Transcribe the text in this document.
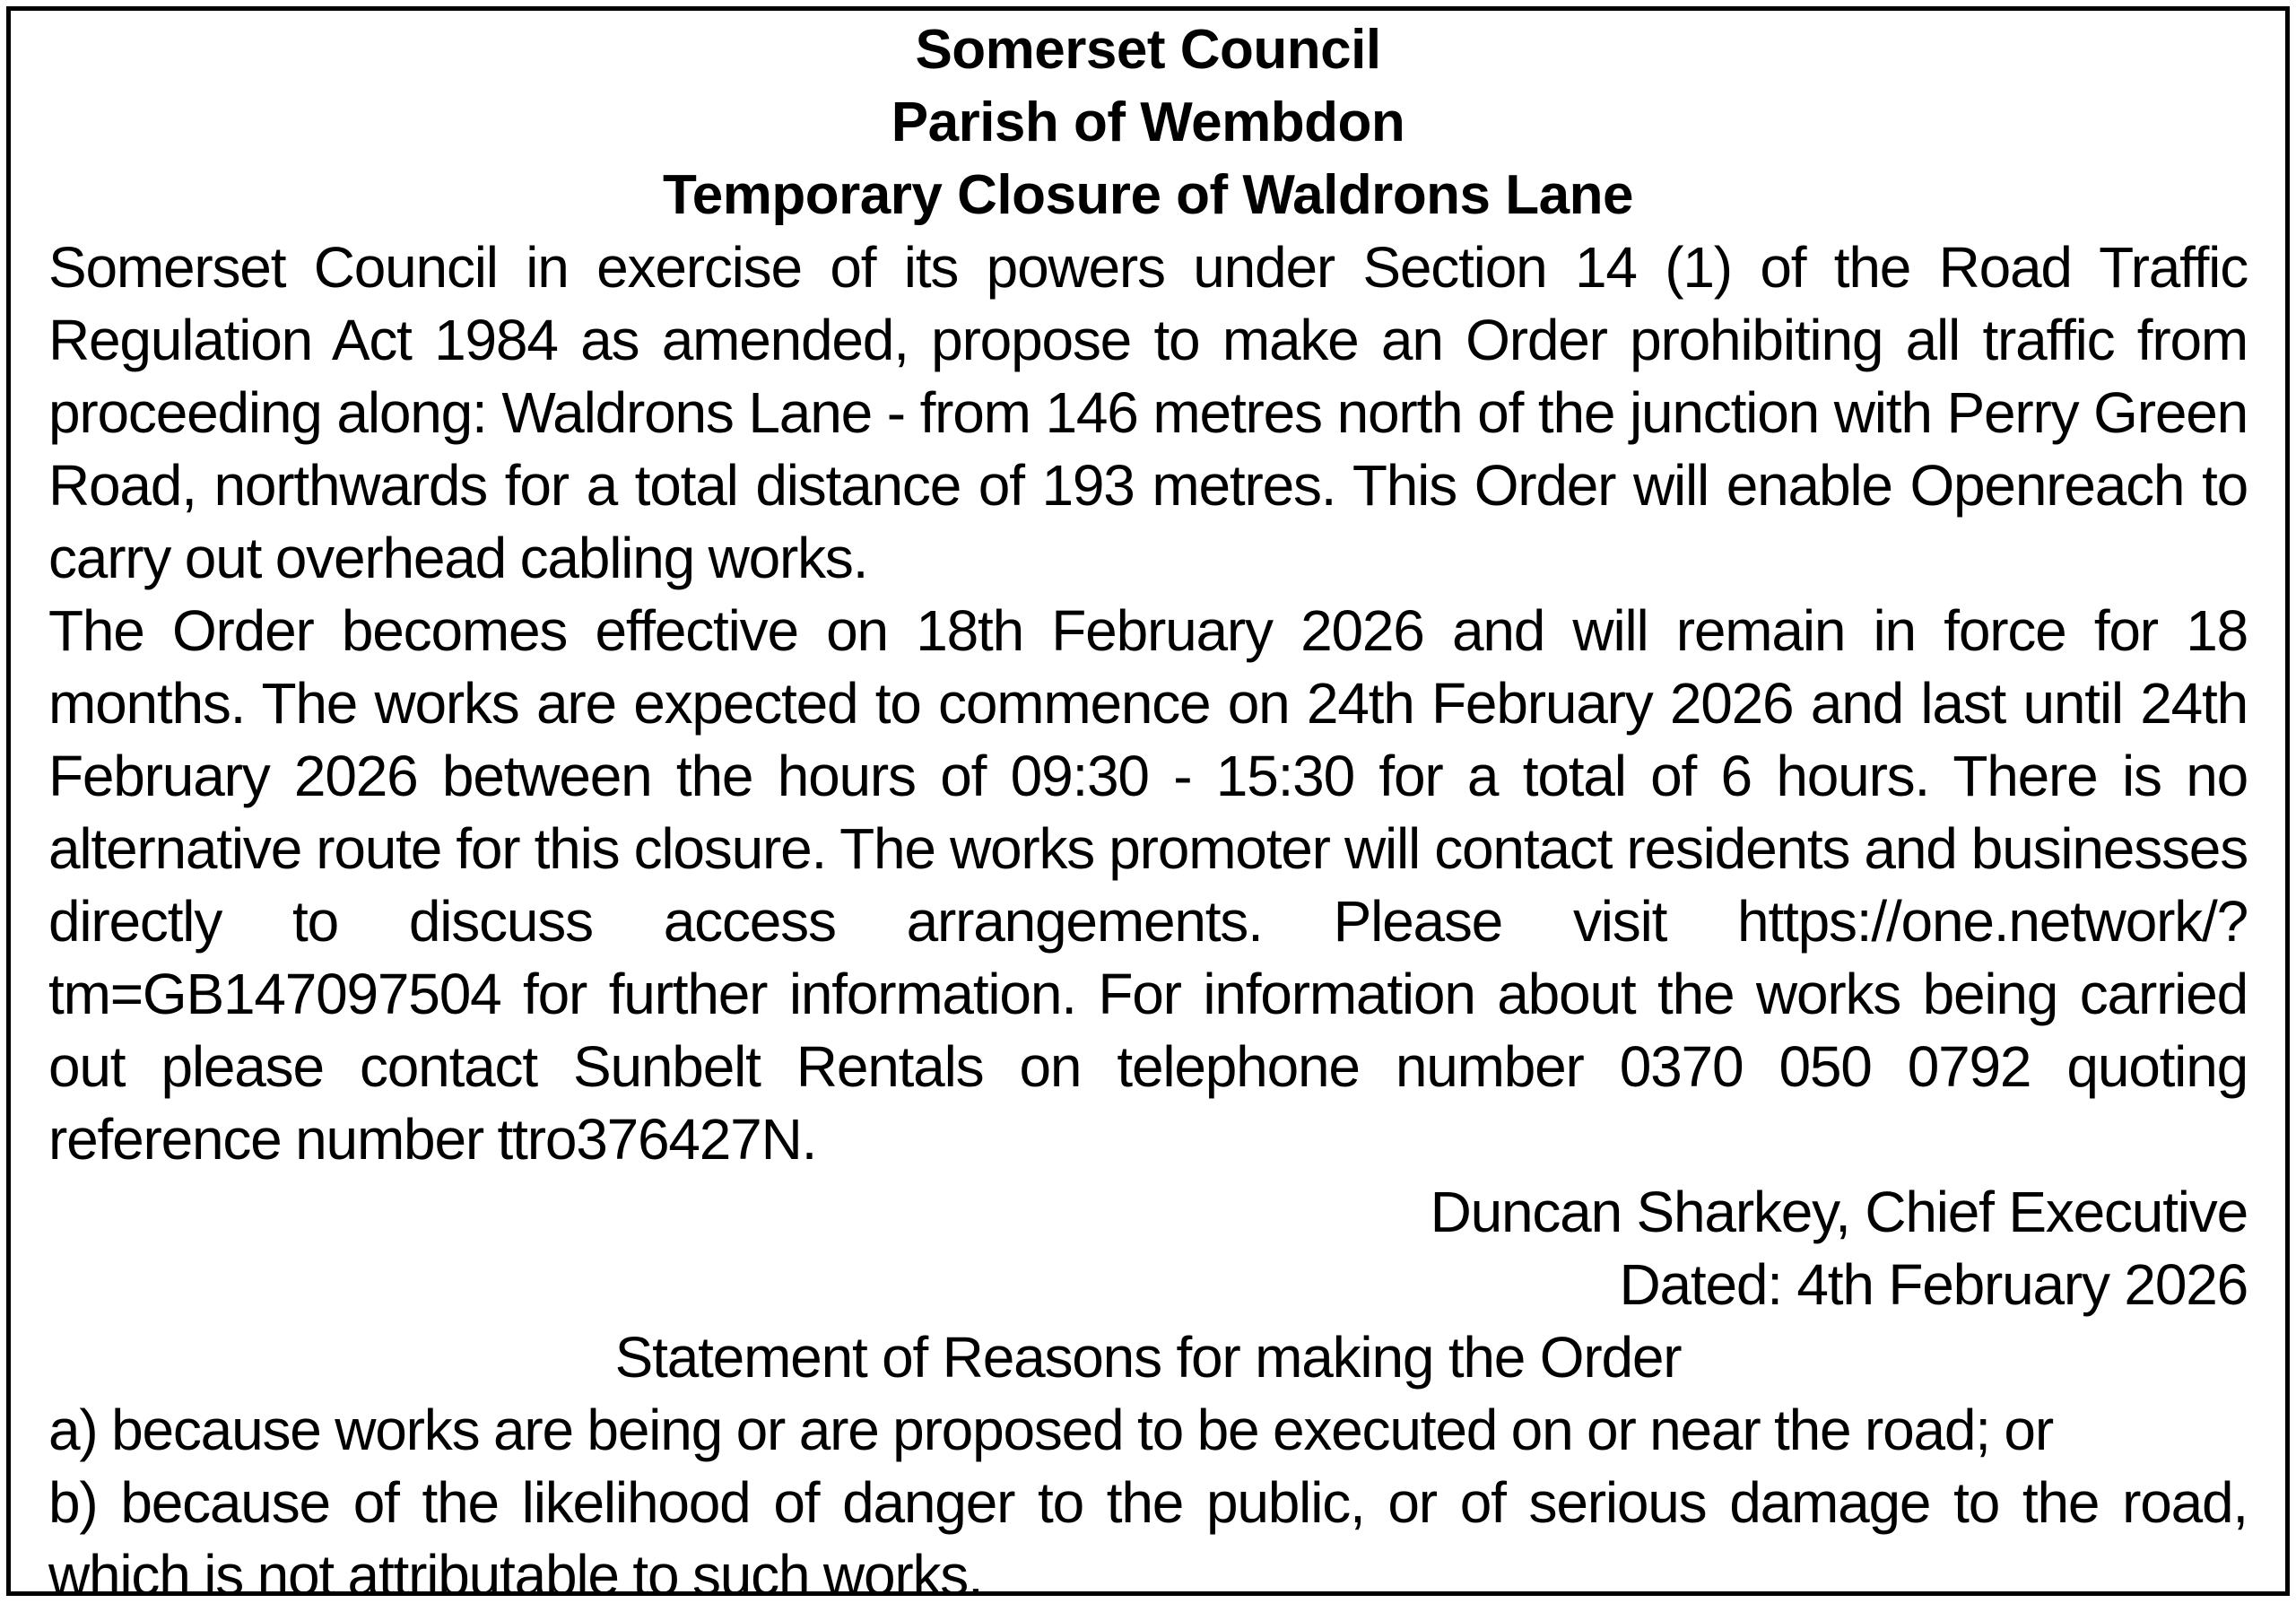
Somerset Council
Parish of Wembdon
Temporary Closure of Waldrons Lane

Somerset Council in exercise of its powers under Section 14 (1) of the Road Traffic Regulation Act 1984 as amended, propose to make an Order prohibiting all traffic from proceeding along: Waldrons Lane - from 146 metres north of the junction with Perry Green Road, northwards for a total distance of 193 metres. This Order will enable Openreach to carry out overhead cabling works.

The Order becomes effective on 18th February 2026 and will remain in force for 18 months. The works are expected to commence on 24th February 2026 and last until 24th February 2026 between the hours of 09:30 - 15:30 for a total of 6 hours. There is no alternative route for this closure. The works promoter will contact residents and businesses directly to discuss access arrangements. Please visit https://one.network/?tm=GB147097504 for further information. For information about the works being carried out please contact Sunbelt Rentals on telephone number 0370 050 0792 quoting reference number ttro376427N.

Duncan Sharkey, Chief Executive
Dated: 4th February 2026
Statement of Reasons for making the Order

a) because works are being or are proposed to be executed on or near the road; or

b) because of the likelihood of danger to the public, or of serious damage to the road, which is not attributable to such works.
